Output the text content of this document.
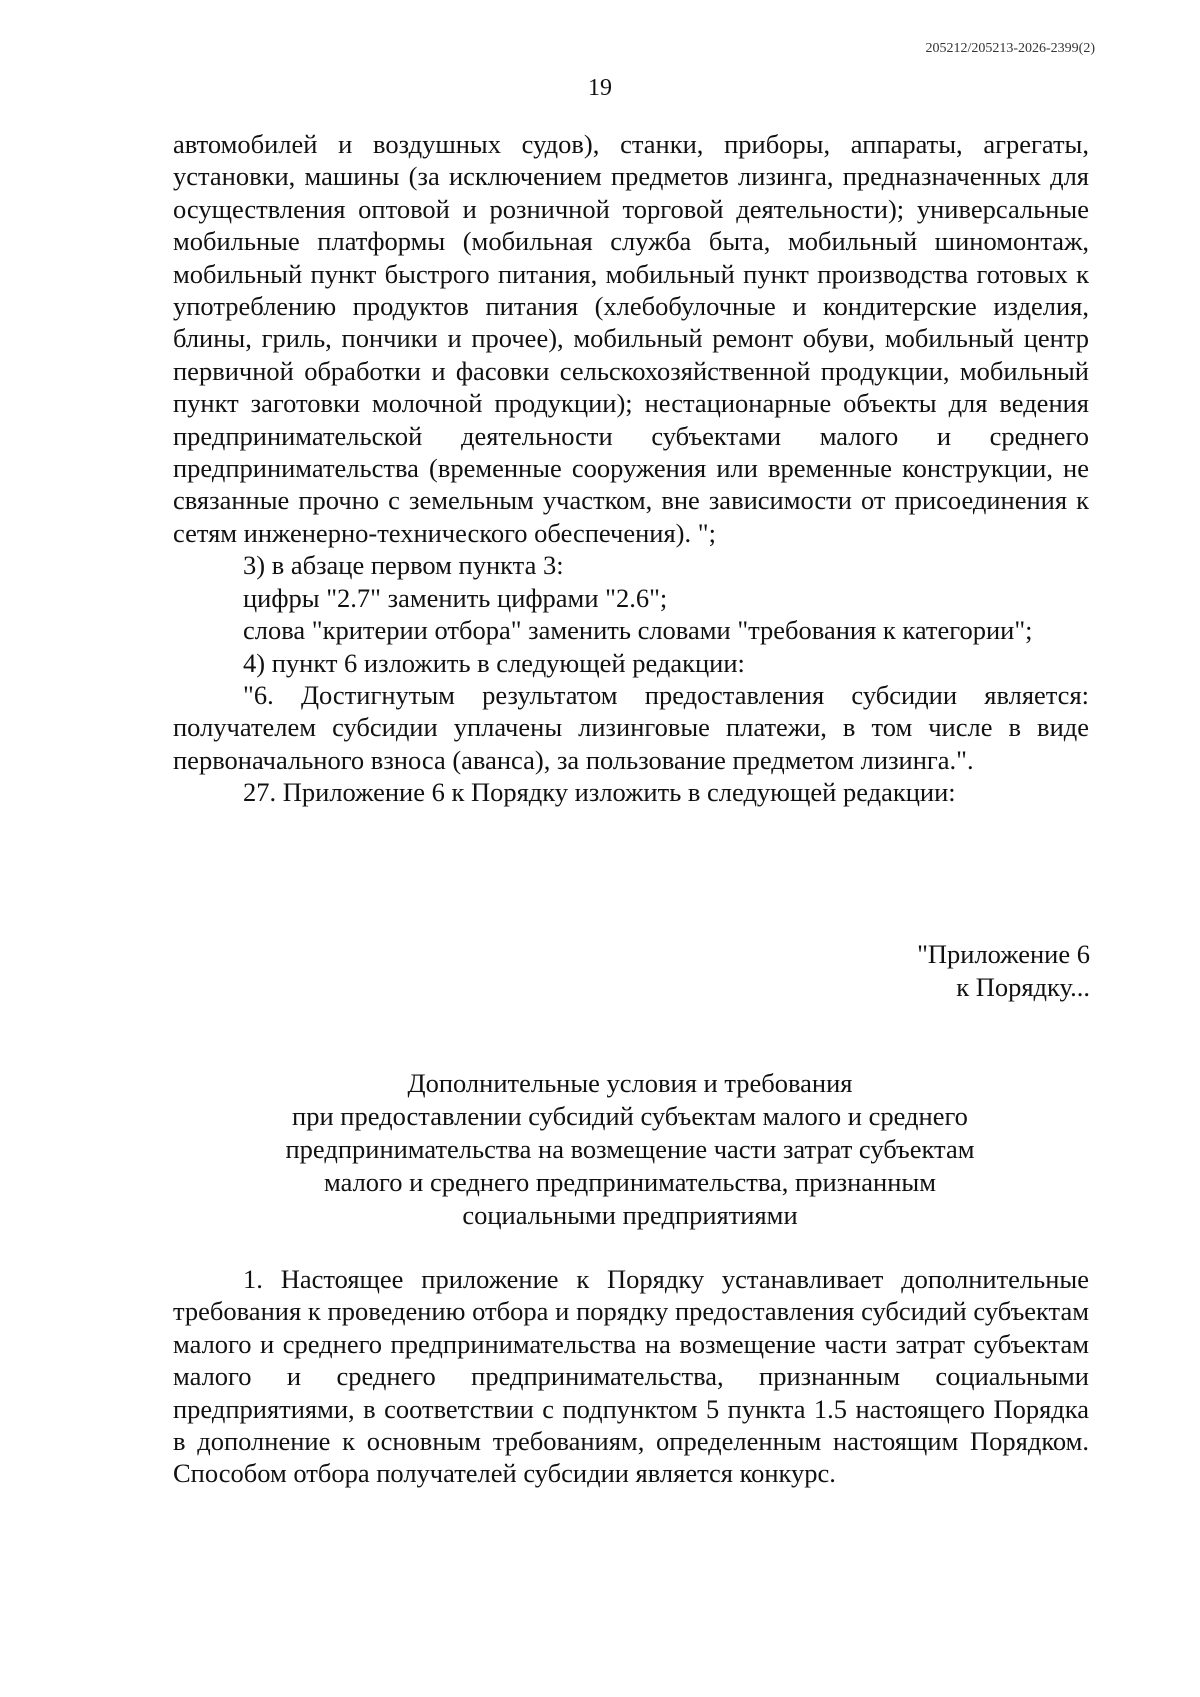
205212/205213-2026-2399(2)
19

автомобилей и воздушных судов), станки, приборы, аппараты, агрегаты, установки, машины (за исключением предметов лизинга, предназначенных для осуществления оптовой и розничной торговой деятельности); универсальные мобильные платформы (мобильная служба быта, мобильный шиномонтаж, мобильный пункт быстрого питания, мобильный пункт производства готовых к употреблению продуктов питания (хлебобулочные и кондитерские изделия, блины, гриль, пончики и прочее), мобильный ремонт обуви, мобильный центр первичной обработки и фасовки сельскохозяйственной продукции, мобильный пункт заготовки молочной продукции); нестационарные объекты для ведения предпринимательской деятельности субъектами малого и среднего предпринимательства (временные сооружения или временные конструкции, не связанные прочно с земельным участком, вне зависимости от присоединения к сетям инженерно-технического обеспечения). ";

3) в абзаце первом пункта 3:

цифры "2.7" заменить цифрами "2.6";

слова "критерии отбора" заменить словами "требования к категории";

4) пункт 6 изложить в следующей редакции:

"6. Достигнутым результатом предоставления субсидии является: получателем субсидии уплачены лизинговые платежи, в том числе в виде первоначального взноса (аванса), за пользование предметом лизинга.".

27. Приложение 6 к Порядку изложить в следующей редакции:

"Приложение 6
к Порядку...
Дополнительные условия и требования
при предоставлении субсидий субъектам малого и среднего
предпринимательства на возмещение части затрат субъектам
малого и среднего предпринимательства, признанным
социальными предприятиями

1. Настоящее приложение к Порядку устанавливает дополнительные требования к проведению отбора и порядку предоставления субсидий субъектам малого и среднего предпринимательства на возмещение части затрат субъектам малого и среднего предпринимательства, признанным социальными предприятиями, в соответствии с подпунктом 5 пункта 1.5 настоящего Порядка в дополнение к основным требованиям, определенным настоящим Порядком. Способом отбора получателей субсидии является конкурс.
